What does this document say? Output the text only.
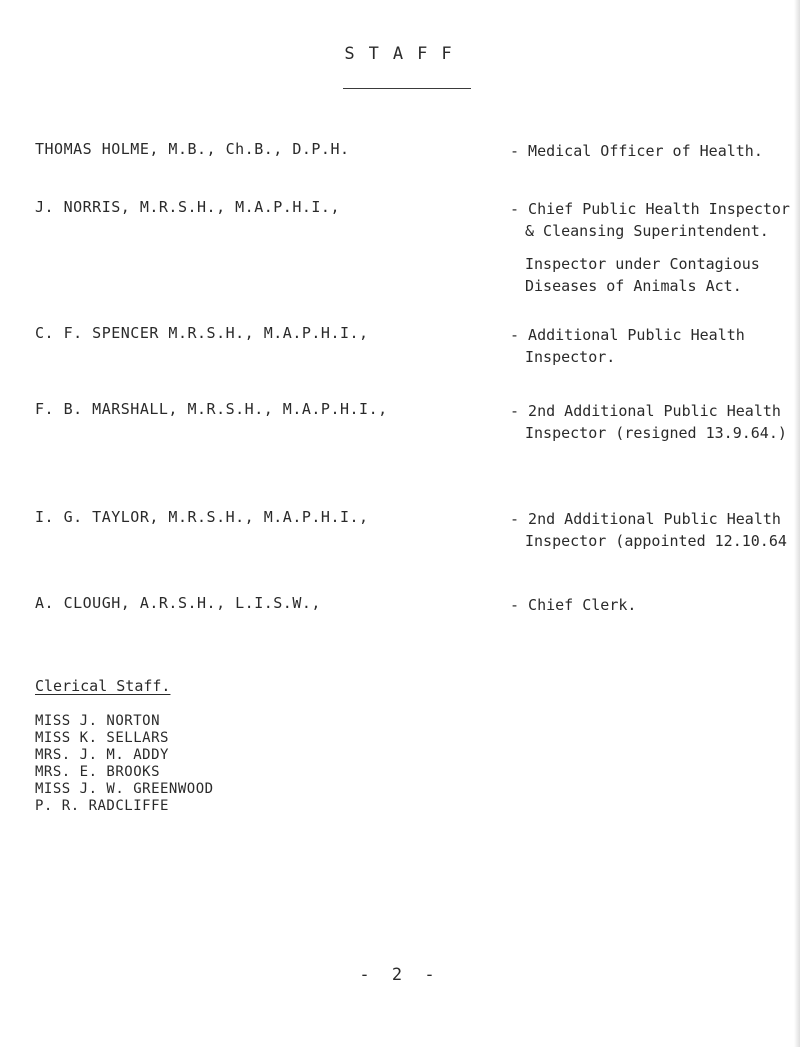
STAFF
THOMAS HOLME, M.B., Ch.B., D.P.H.	- Medical Officer of Health.
J. NORRIS, M.R.S.H., M.A.P.H.I.,	- Chief Public Health Inspector
& Cleansing Superintendent.
Inspector under Contagious
Diseases of Animals Act.
C. F. SPENCER M.R.S.H., M.A.P.H.I.,	- Additional Public Health
Inspector.
F. B. MARSHALL, M.R.S.H., M.A.P.H.I.,	- 2nd Additional Public Health
Inspector (resigned 13.9.64.)
I. G. TAYLOR, M.R.S.H., M.A.P.H.I.,	- 2nd Additional Public Health
Inspector (appointed 12.10.64
A. CLOUGH, A.R.S.H., L.I.S.W.,	- Chief Clerk.
Clerical Staff.
MISS J. NORTON
MISS K. SELLARS
MRS. J. M. ADDY
MRS. E. BROOKS
MISS J. W. GREENWOOD
P. R. RADCLIFFE
- 2 -
